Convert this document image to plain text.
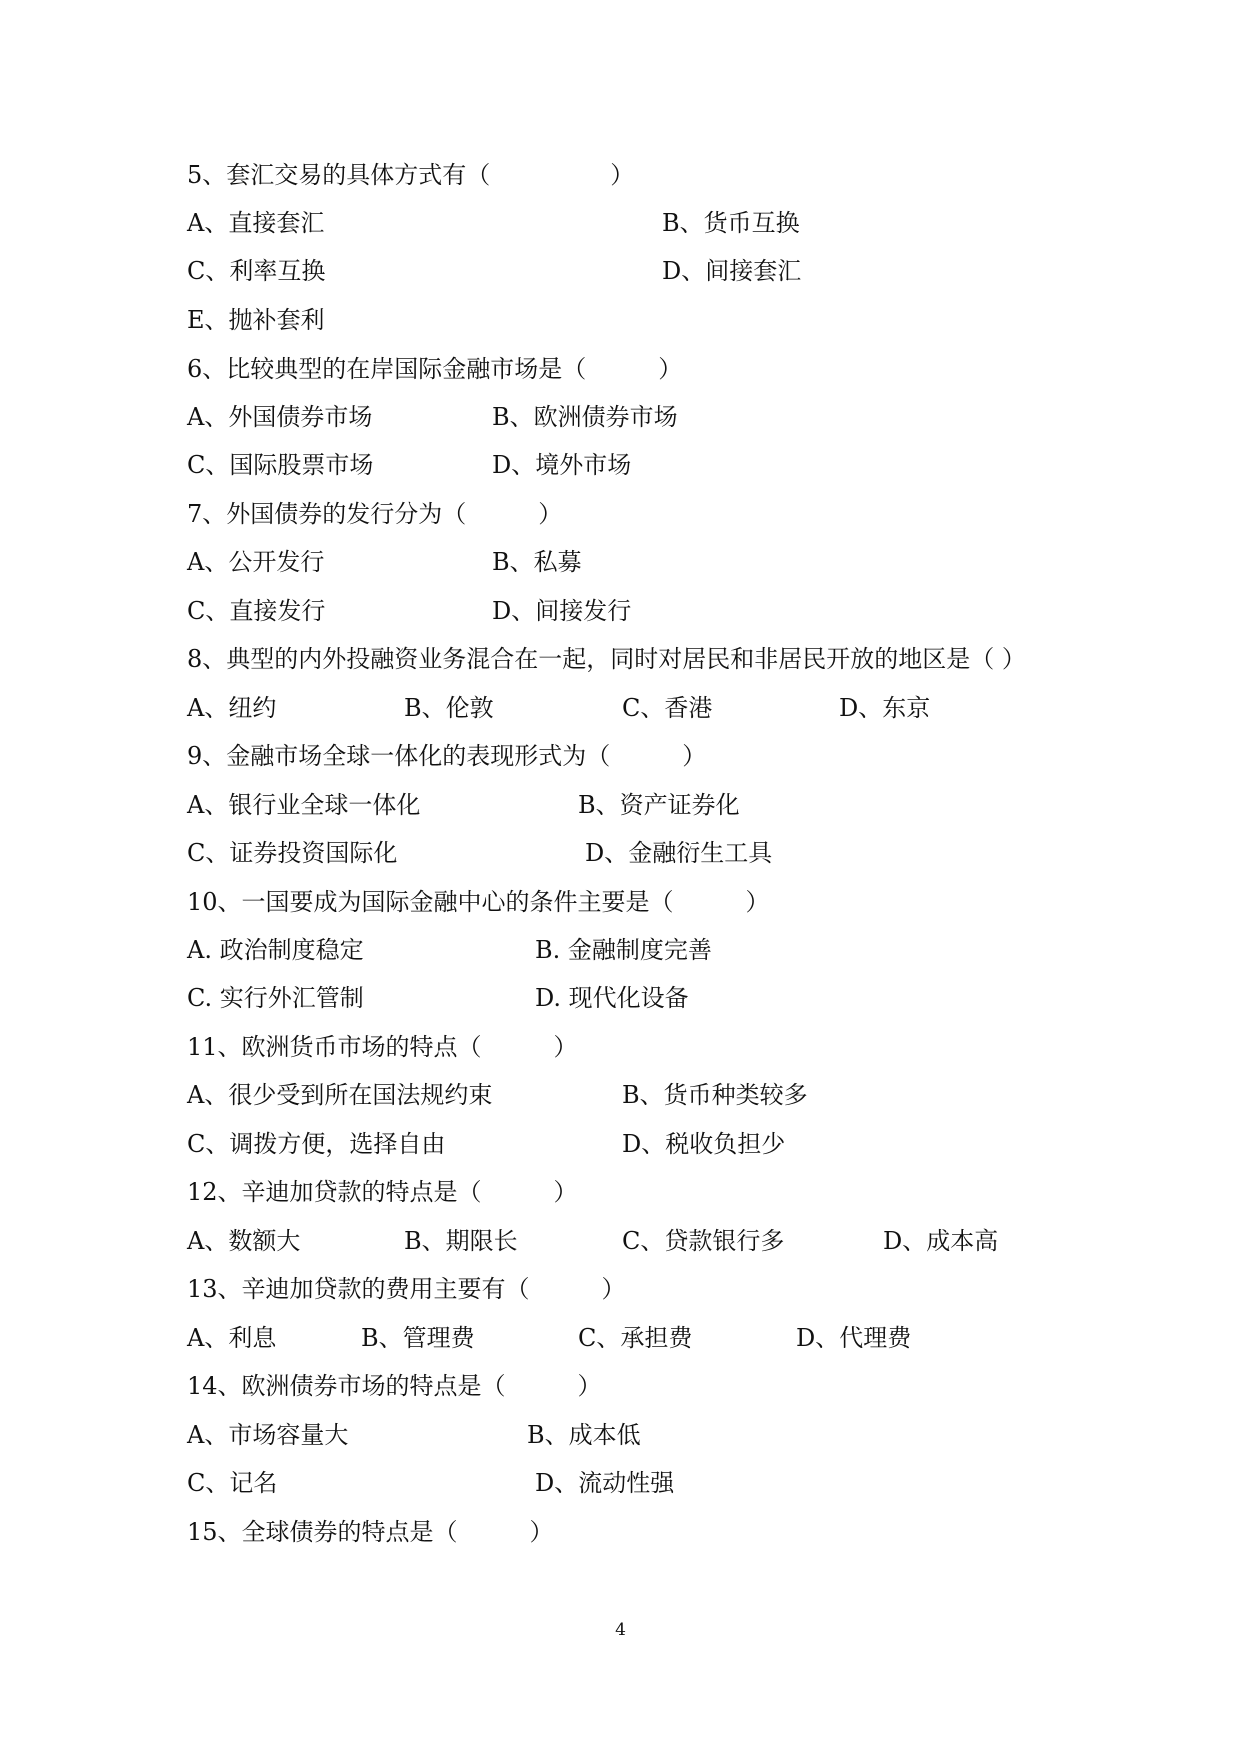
5、套汇交易的具体方式有（　　　　　）
A、直接套汇	B、货币互换
C、利率互换	D、间接套汇
E、抛补套利
6、比较典型的在岸国际金融市场是（　　　）
A、外国债券市场	B、欧洲债券市场
C、国际股票市场	D、境外市场
7、外国债券的发行分为（　　　）
A、公开发行	B、私募
C、直接发行	D、间接发行
8、典型的内外投融资业务混合在一起，同时对居民和非居民开放的地区是（ ）
A、纽约	B、伦敦	C、香港	D、东京
9、金融市场全球一体化的表现形式为（　　　）
A、银行业全球一体化	B、资产证券化
C、证券投资国际化	D、金融衍生工具
10、一国要成为国际金融中心的条件主要是（　　　）
A. 政治制度稳定	B. 金融制度完善
C. 实行外汇管制	D. 现代化设备
11、欧洲货币市场的特点（　　　）
A、很少受到所在国法规约束	B、货币种类较多
C、调拨方便，选择自由	D、税收负担少
12、辛迪加贷款的特点是（　　　）
A、数额大	B、期限长	C、贷款银行多	D、成本高
13、辛迪加贷款的费用主要有（　　　）
A、利息	B、管理费	C、承担费	D、代理费
14、欧洲债券市场的特点是（　　　）
A、市场容量大	B、成本低
C、记名	D、流动性强
15、全球债券的特点是（　　　）
4
